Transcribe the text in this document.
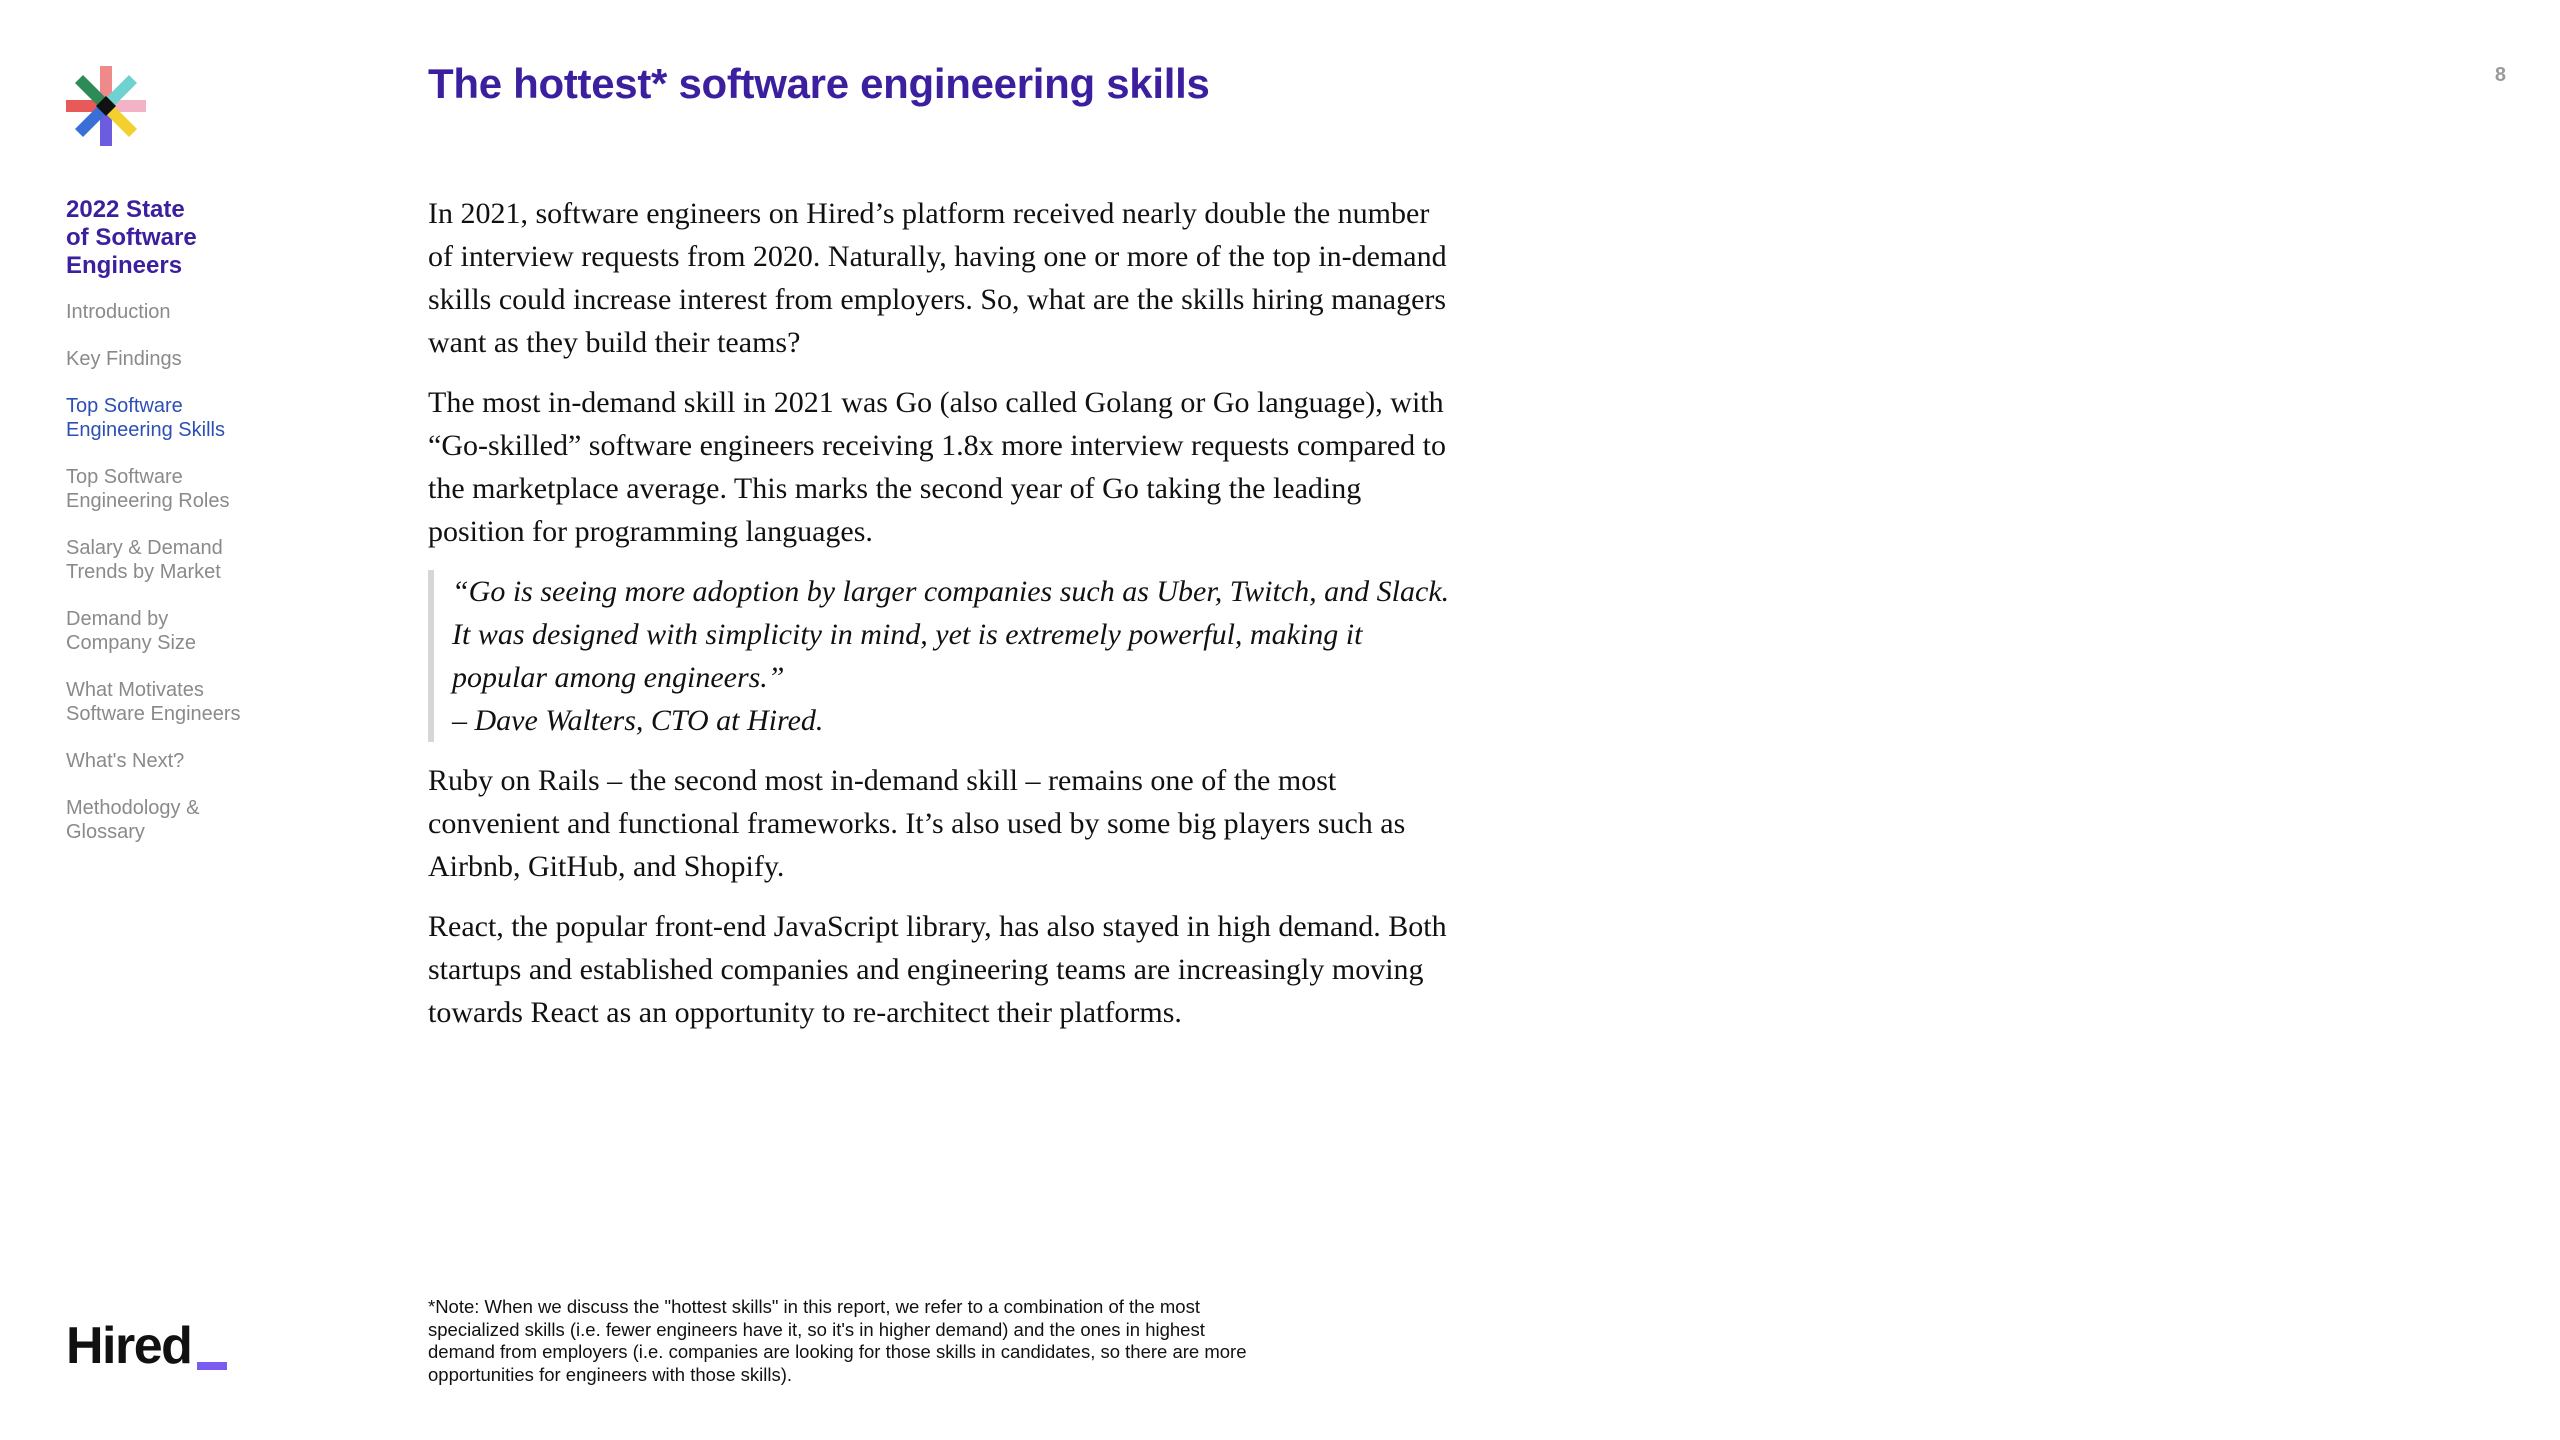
8
2022 State
of Software
Engineers
Introduction
Key Findings
Top Software
Engineering Skills
Top Software
Engineering Roles
Salary & Demand
Trends by Market
Demand by
Company Size
What Motivates
Software Engineers
What's Next?
Methodology &
Glossary
The hottest* software engineering skills

In 2021, software engineers on Hired’s platform received nearly double the number of interview requests from 2020. Naturally, having one or more of the top in-demand skills could increase interest from employers. So, what are the skills hiring managers want as they build their teams?

The most in-demand skill in 2021 was Go (also called Golang or Go language), with “Go-skilled” software engineers receiving 1.8x more interview requests compared to the marketplace average. This marks the second year of Go taking the leading position for programming languages.

“Go is seeing more adoption by larger companies such as Uber, Twitch, and Slack. It was designed with simplicity in mind, yet is extremely powerful, making it popular among engineers.”

– Dave Walters, CTO at Hired.

Ruby on Rails – the second most in-demand skill – remains one of the most convenient and functional frameworks. It’s also used by some big players such as Airbnb, GitHub, and Shopify.

React, the popular front-end JavaScript library, has also stayed in high demand. Both startups and established companies and engineering teams are increasingly moving towards React as an opportunity to re-architect their platforms.

*Note: When we discuss the "hottest skills" in this report, we refer to a combination of the most specialized skills (i.e. fewer engineers have it, so it's in higher demand) and the ones in highest demand from employers (i.e. companies are looking for those skills in candidates, so there are more opportunities for engineers with those skills).

Hired
